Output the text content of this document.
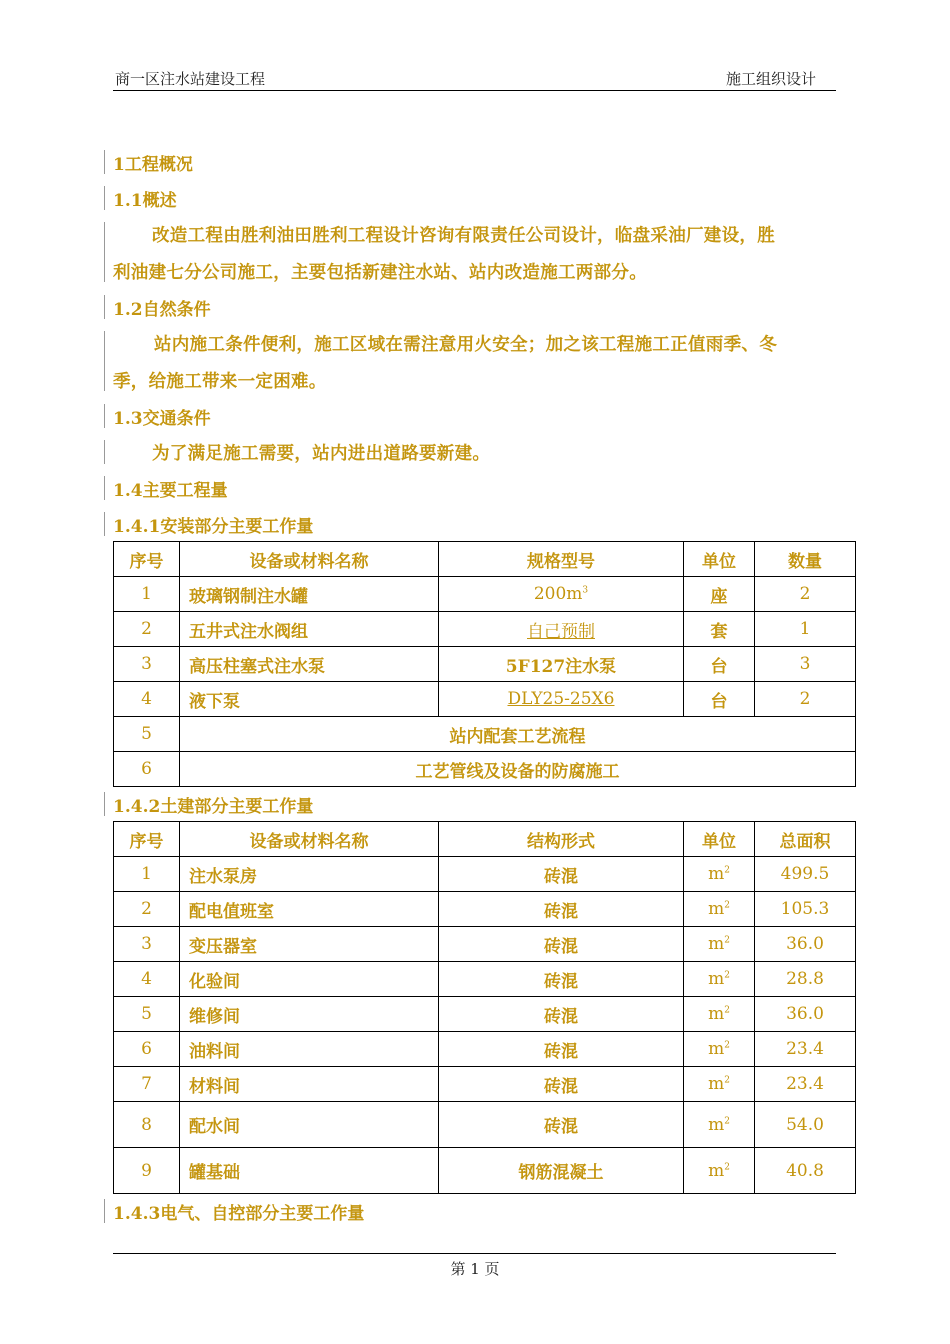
商一区注水站建设工程	施工组织设计
1工程概况
1.1概述
改造工程由胜利油田胜利工程设计咨询有限责任公司设计，临盘采油厂建设，胜
利油建七分公司施工，主要包括新建注水站、站内改造施工两部分。
1.2自然条件
站内施工条件便利，施工区域在需注意用火安全；加之该工程施工正值雨季、冬
季，给施工带来一定困难。
1.3交通条件
为了满足施工需要，站内进出道路要新建。
1.4主要工程量
1.4.1安装部分主要工作量
序号	设备或材料名称	规格型号	单位	数量
1	玻璃钢制注水罐	$200m^3$	座	2
2	五井式注水阀组	自己预制	套	1
3	高压柱塞式注水泵	5F127注水泵	台	3
4	液下泵	DLY25-25X6	台	2
5	站内配套工艺流程			
6	工艺管线及设备的防腐施工			
1.4.2土建部分主要工作量
序号	设备或材料名称	结构形式	单位	总面积
1	注水泵房	砖混	$m^2$	499.5
2	配电值班室	砖混	$m^2$	105.3
3	变压器室	砖混	$m^2$	36.0
4	化验间	砖混	$m^2$	28.8
5	维修间	砖混	$m^2$	36.0
6	油料间	砖混	$m^2$	23.4
7	材料间	砖混	$m^2$	23.4
8	配水间	砖混	$m^2$	54.0
9	罐基础	钢筋混凝土	$m^2$	40.8
1.4.3电气、自控部分主要工作量
第 1 页
